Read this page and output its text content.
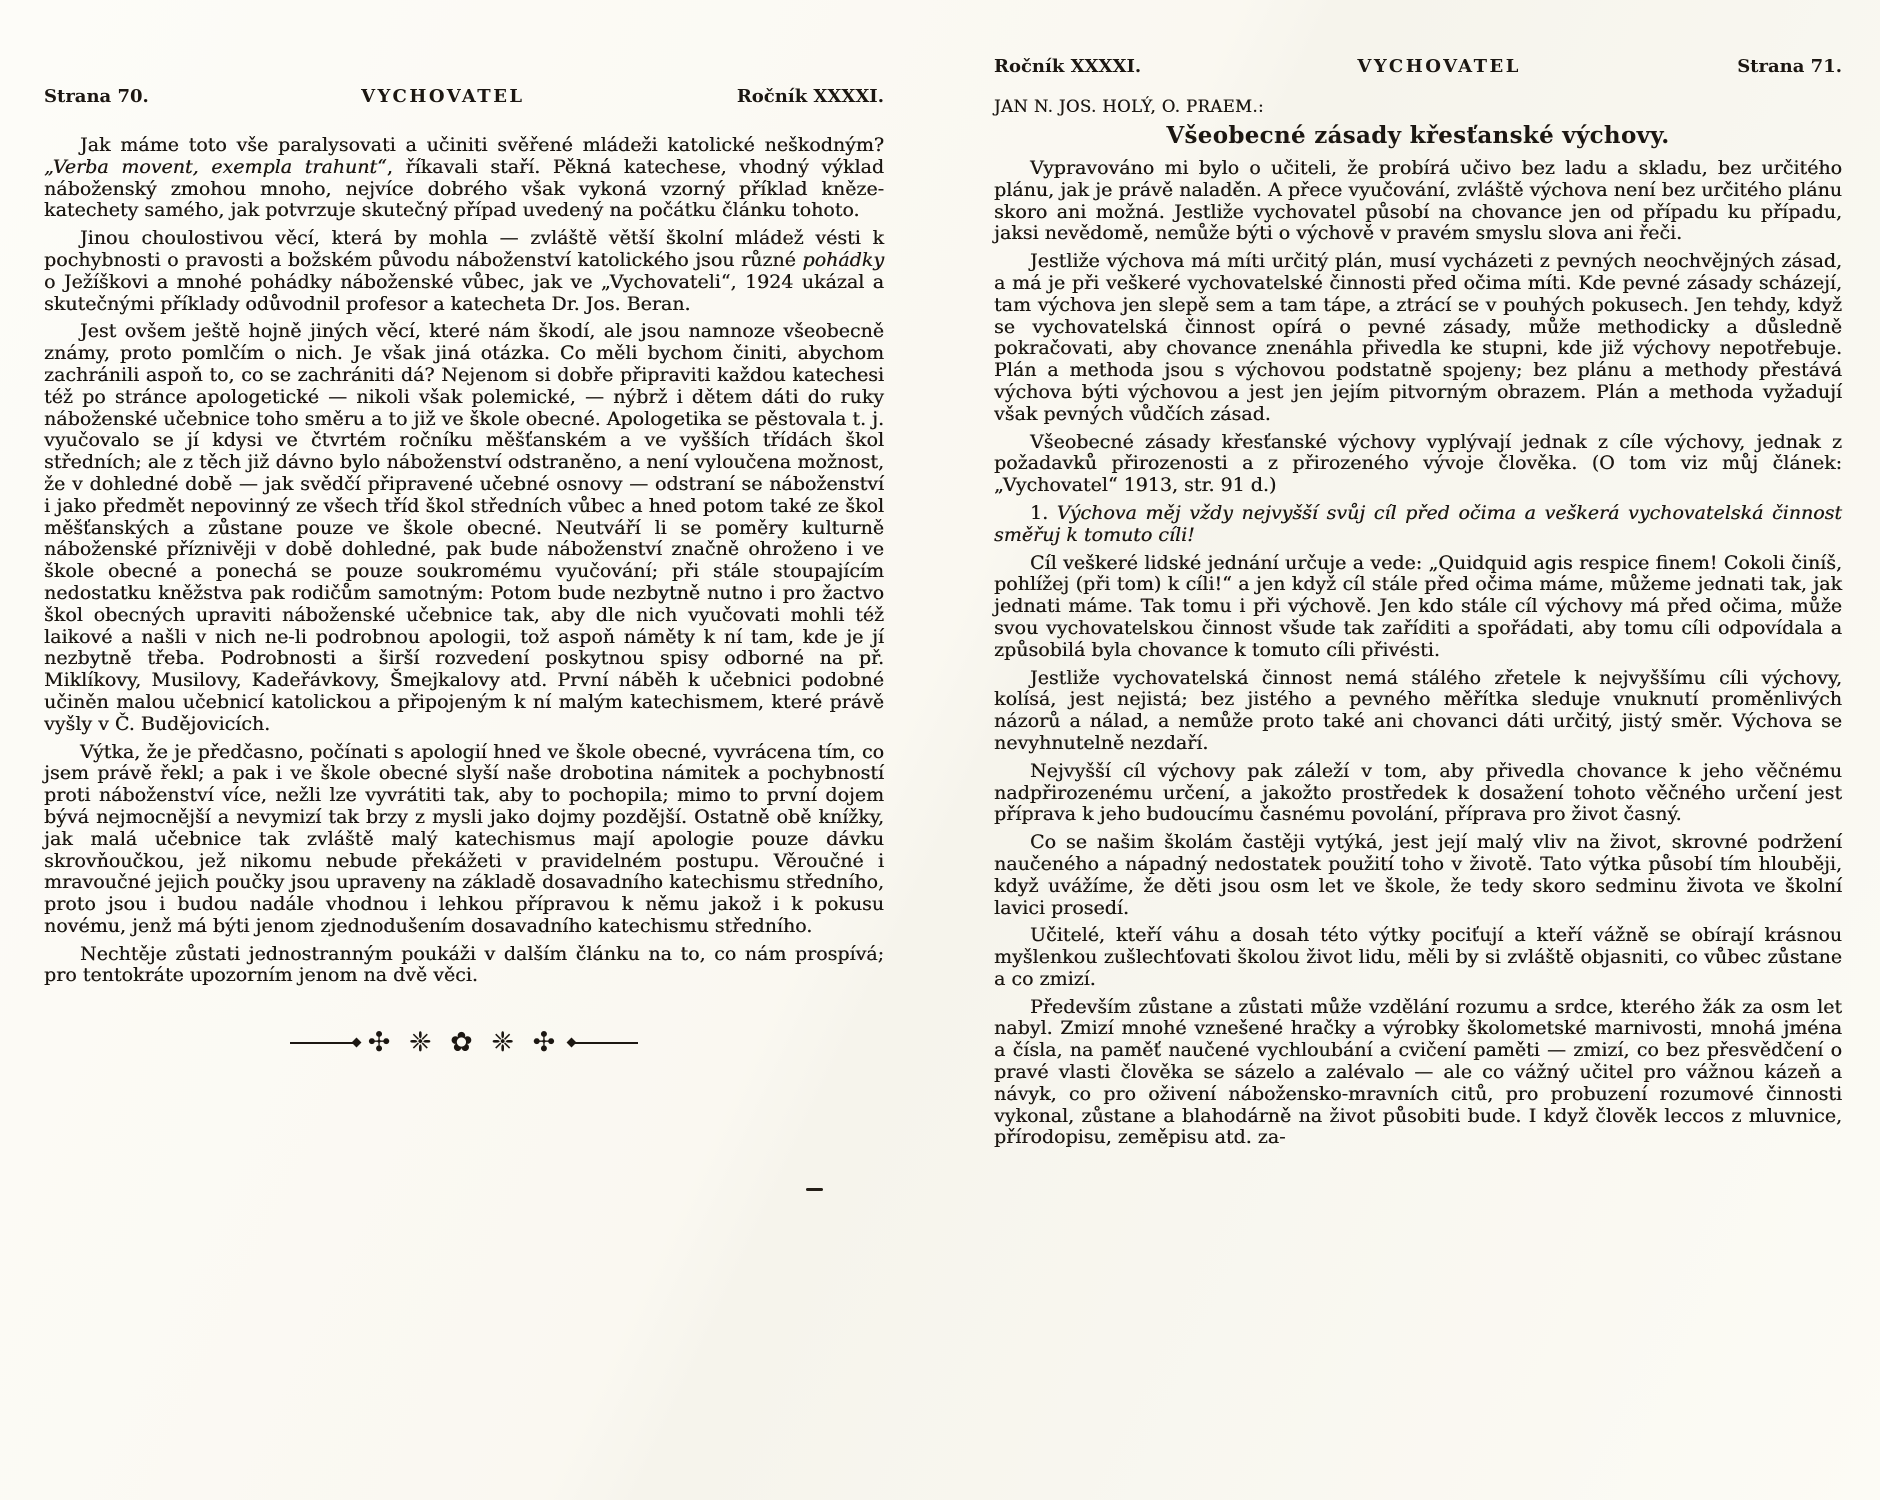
Strana 70.	VYCHOVATEL	Ročník XXXXI.

Jak máme toto vše paralysovati a učiniti svěřené mládeži katolické neškodným? „Verba movent, exempla trahunt“, říkavali staří. Pěkná katechese, vhodný výklad náboženský zmohou mnoho, nejvíce dobrého však vykoná vzorný příklad kněze-katechety samého, jak potvrzuje skutečný případ uvedený na počátku článku tohoto.

Jinou choulostivou věcí, která by mohla — zvláště větší školní mládež vésti k pochybnosti o pravosti a božském původu náboženství katolického jsou různé pohádky o Ježíškovi a mnohé pohádky náboženské vůbec, jak ve „Vychovateli“, 1924 ukázal a skutečnými příklady odůvodnil profesor a katecheta Dr. Jos. Beran.

Jest ovšem ještě hojně jiných věcí, které nám škodí, ale jsou namnoze všeobecně známy, proto pomlčím o nich. Je však jiná otázka. Co měli bychom činiti, abychom zachránili aspoň to, co se zachrániti dá? Nejenom si dobře připraviti každou katechesi též po stránce apologetické — nikoli však polemické, — nýbrž i dětem dáti do ruky náboženské učebnice toho směru a to již ve škole obecné. Apologetika se pěstovala t. j. vyučovalo se jí kdysi ve čtvrtém ročníku měšťanském a ve vyšších třídách škol středních; ale z těch již dávno bylo náboženství odstraněno, a není vyloučena možnost, že v dohledné době — jak svědčí připravené učebné osnovy — odstraní se náboženství i jako předmět nepovinný ze všech tříd škol středních vůbec a hned potom také ze škol měšťanských a zůstane pouze ve škole obecné. Neutváří li se poměry kulturně náboženské příznivěji v době dohledné, pak bude náboženství značně ohroženo i ve škole obecné a ponechá se pouze soukromému vyučování; při stále stoupajícím nedostatku kněžstva pak rodičům samotným: Potom bude nezbytně nutno i pro žactvo škol obecných upraviti náboženské učebnice tak, aby dle nich vyučovati mohli též laikové a našli v nich ne-li podrobnou apologii, tož aspoň náměty k ní tam, kde je jí nezbytně třeba. Podrobnosti a širší rozvedení poskytnou spisy odborné na př. Miklíkovy, Musilovy, Kadeřávkovy, Šmejkalovy atd. První náběh k učebnici podobné učiněn malou učebnicí katolickou a připojeným k ní malým katechismem, které právě vyšly v Č. Budějovicích.

Výtka, že je předčasno, počínati s apologií hned ve škole obecné, vyvrácena tím, co jsem právě řekl; a pak i ve škole obecné slyší naše drobotina námitek a pochybností proti náboženství více, nežli lze vyvrátiti tak, aby to pochopila; mimo to první dojem bývá nejmocnější a nevymizí tak brzy z mysli jako dojmy pozdější. Ostatně obě knížky, jak malá učebnice tak zvláště malý katechismus mají apologie pouze dávku skrovňoučkou, jež nikomu nebude překážeti v pravidelném postupu. Věroučné i mravoučné jejich poučky jsou upraveny na základě dosavadního katechismu středního, proto jsou i budou nadále vhodnou i lehkou přípravou k němu jakož i k pokusu novému, jenž má býti jenom zjednodušením dosavadního katechismu středního.

Nechtěje zůstati jednostranným poukáži v dalším článku na to, co nám prospívá; pro tentokráte upozorním jenom na dvě věci.

✣ ❈ ✿ ❈ ✣
Ročník XXXXI.	VYCHOVATEL	Strana 71.
JAN N. JOS. HOLÝ, O. PRAEM.:
Všeobecné zásady křesťanské výchovy.

Vypravováno mi bylo o učiteli, že probírá učivo bez ladu a skladu, bez určitého plánu, jak je právě naladěn. A přece vyučování, zvláště výchova není bez určitého plánu skoro ani možná. Jestliže vychovatel působí na chovance jen od případu ku případu, jaksi nevědomě, nemůže býti o výchově v pravém smyslu slova ani řeči.

Jestliže výchova má míti určitý plán, musí vycházeti z pevných neochvějných zásad, a má je při veškeré vychovatelské činnosti před očima míti. Kde pevné zásady scházejí, tam výchova jen slepě sem a tam tápe, a ztrácí se v pouhých pokusech. Jen tehdy, když se vychovatelská činnost opírá o pevné zásady, může methodicky a důsledně pokračovati, aby chovance znenáhla přivedla ke stupni, kde již výchovy nepotřebuje. Plán a methoda jsou s výchovou podstatně spojeny; bez plánu a methody přestává výchova býti výchovou a jest jen jejím pitvorným obrazem. Plán a methoda vyžadují však pevných vůdčích zásad.

Všeobecné zásady křesťanské výchovy vyplývají jednak z cíle výchovy, jednak z požadavků přirozenosti a z přirozeného vývoje člověka. (O tom viz můj článek: „Vychovatel“ 1913, str. 91 d.)

1. Výchova měj vždy nejvyšší svůj cíl před očima a veškerá vychovatelská činnost směřuj k tomuto cíli!

Cíl veškeré lidské jednání určuje a vede: „Quidquid agis respice finem! Cokoli činíš, pohlížej (při tom) k cíli!“ a jen když cíl stále před očima máme, můžeme jednati tak, jak jednati máme. Tak tomu i při výchově. Jen kdo stále cíl výchovy má před očima, může svou vychovatelskou činnost všude tak zaříditi a spořádati, aby tomu cíli odpovídala a způsobilá byla chovance k tomuto cíli přivésti.

Jestliže vychovatelská činnost nemá stálého zřetele k nejvyššímu cíli výchovy, kolísá, jest nejistá; bez jistého a pevného měřítka sleduje vnuknutí proměnlivých názorů a nálad, a nemůže proto také ani chovanci dáti určitý, jistý směr. Výchova se nevyhnutelně nezdaří.

Nejvyšší cíl výchovy pak záleží v tom, aby přivedla chovance k jeho věčnému nadpřirozenému určení, a jakožto prostředek k dosažení tohoto věčného určení jest příprava k jeho budoucímu časnému povolání, příprava pro život časný.

Co se našim školám častěji vytýká, jest její malý vliv na život, skrovné podržení naučeného a nápadný nedostatek použití toho v životě. Tato výtka působí tím hlouběji, když uvážíme, že děti jsou osm let ve škole, že tedy skoro sedminu života ve školní lavici prosedí.

Učitelé, kteří váhu a dosah této výtky pociťují a kteří vážně se obírají krásnou myšlenkou zušlechťovati školou život lidu, měli by si zvláště objasniti, co vůbec zůstane a co zmizí.

Především zůstane a zůstati může vzdělání rozumu a srdce, kterého žák za osm let nabyl. Zmizí mnohé vznešené hračky a výrobky školometské marnivosti, mnohá jména a čísla, na paměť naučené vychloubání a cvičení paměti — zmizí, co bez přesvědčení o pravé vlasti člověka se sázelo a zalévalo — ale co vážný učitel pro vážnou kázeň a návyk, co pro oživení nábožensko-mravních citů, pro probuzení rozumové činnosti vykonal, zůstane a blahodárně na život působiti bude. I když člověk leccos z mluvnice, přírodopisu, zeměpisu atd. za-
